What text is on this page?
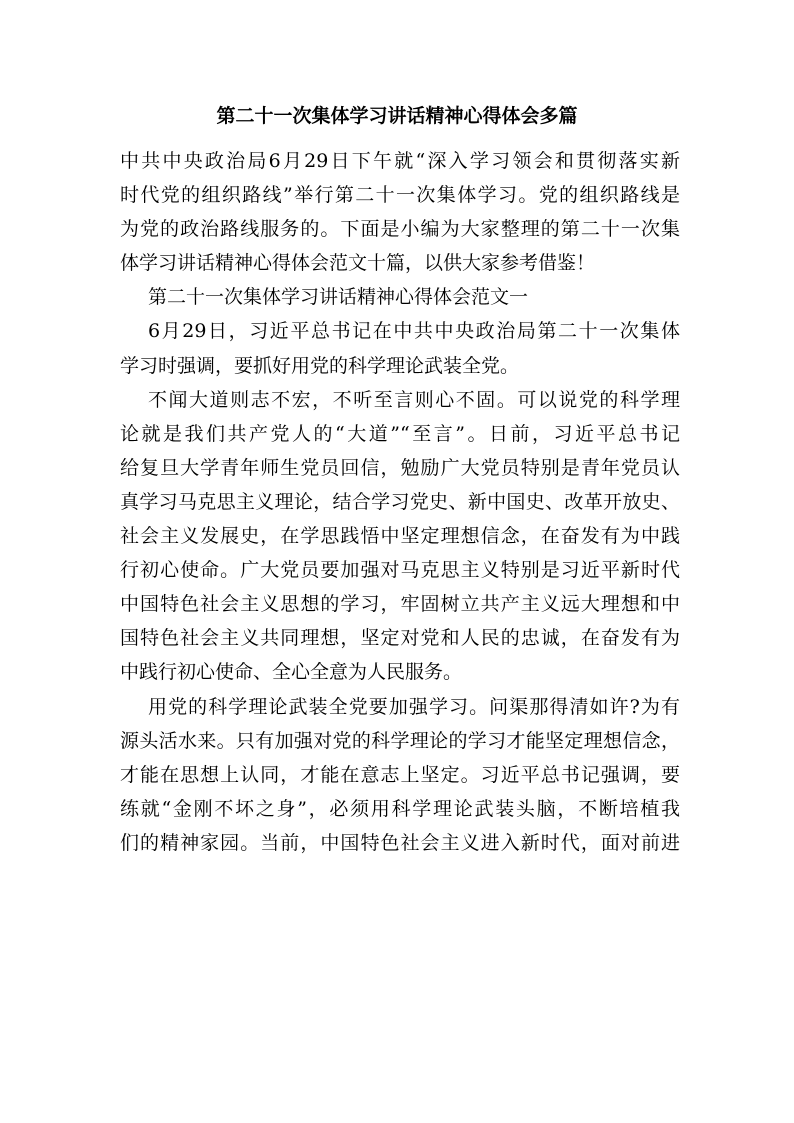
第二十一次集体学习讲话精神心得体会多篇
中共中央政治局6月29日下午就“深入学习领会和贯彻落实新
时代党的组织路线”举行第二十一次集体学习。党的组织路线是
为党的政治路线服务的。下面是小编为大家整理的第二十一次集
体学习讲话精神心得体会范文十篇，以供大家参考借鉴！
第二十一次集体学习讲话精神心得体会范文一
6月29日，习近平总书记在中共中央政治局第二十一次集体
学习时强调，要抓好用党的科学理论武装全党。
不闻大道则志不宏，不听至言则心不固。可以说党的科学理
论就是我们共产党人的“大道”“至言”。日前，习近平总书记
给复旦大学青年师生党员回信，勉励广大党员特别是青年党员认
真学习马克思主义理论，结合学习党史、新中国史、改革开放史、
社会主义发展史，在学思践悟中坚定理想信念，在奋发有为中践
行初心使命。广大党员要加强对马克思主义特别是习近平新时代
中国特色社会主义思想的学习，牢固树立共产主义远大理想和中
国特色社会主义共同理想，坚定对党和人民的忠诚，在奋发有为
中践行初心使命、全心全意为人民服务。
用党的科学理论武装全党要加强学习。问渠那得清如许?为有
源头活水来。只有加强对党的科学理论的学习才能坚定理想信念，
才能在思想上认同，才能在意志上坚定。习近平总书记强调，要
练就“金刚不坏之身”，必须用科学理论武装头脑，不断培植我
们的精神家园。当前，中国特色社会主义进入新时代，面对前进
